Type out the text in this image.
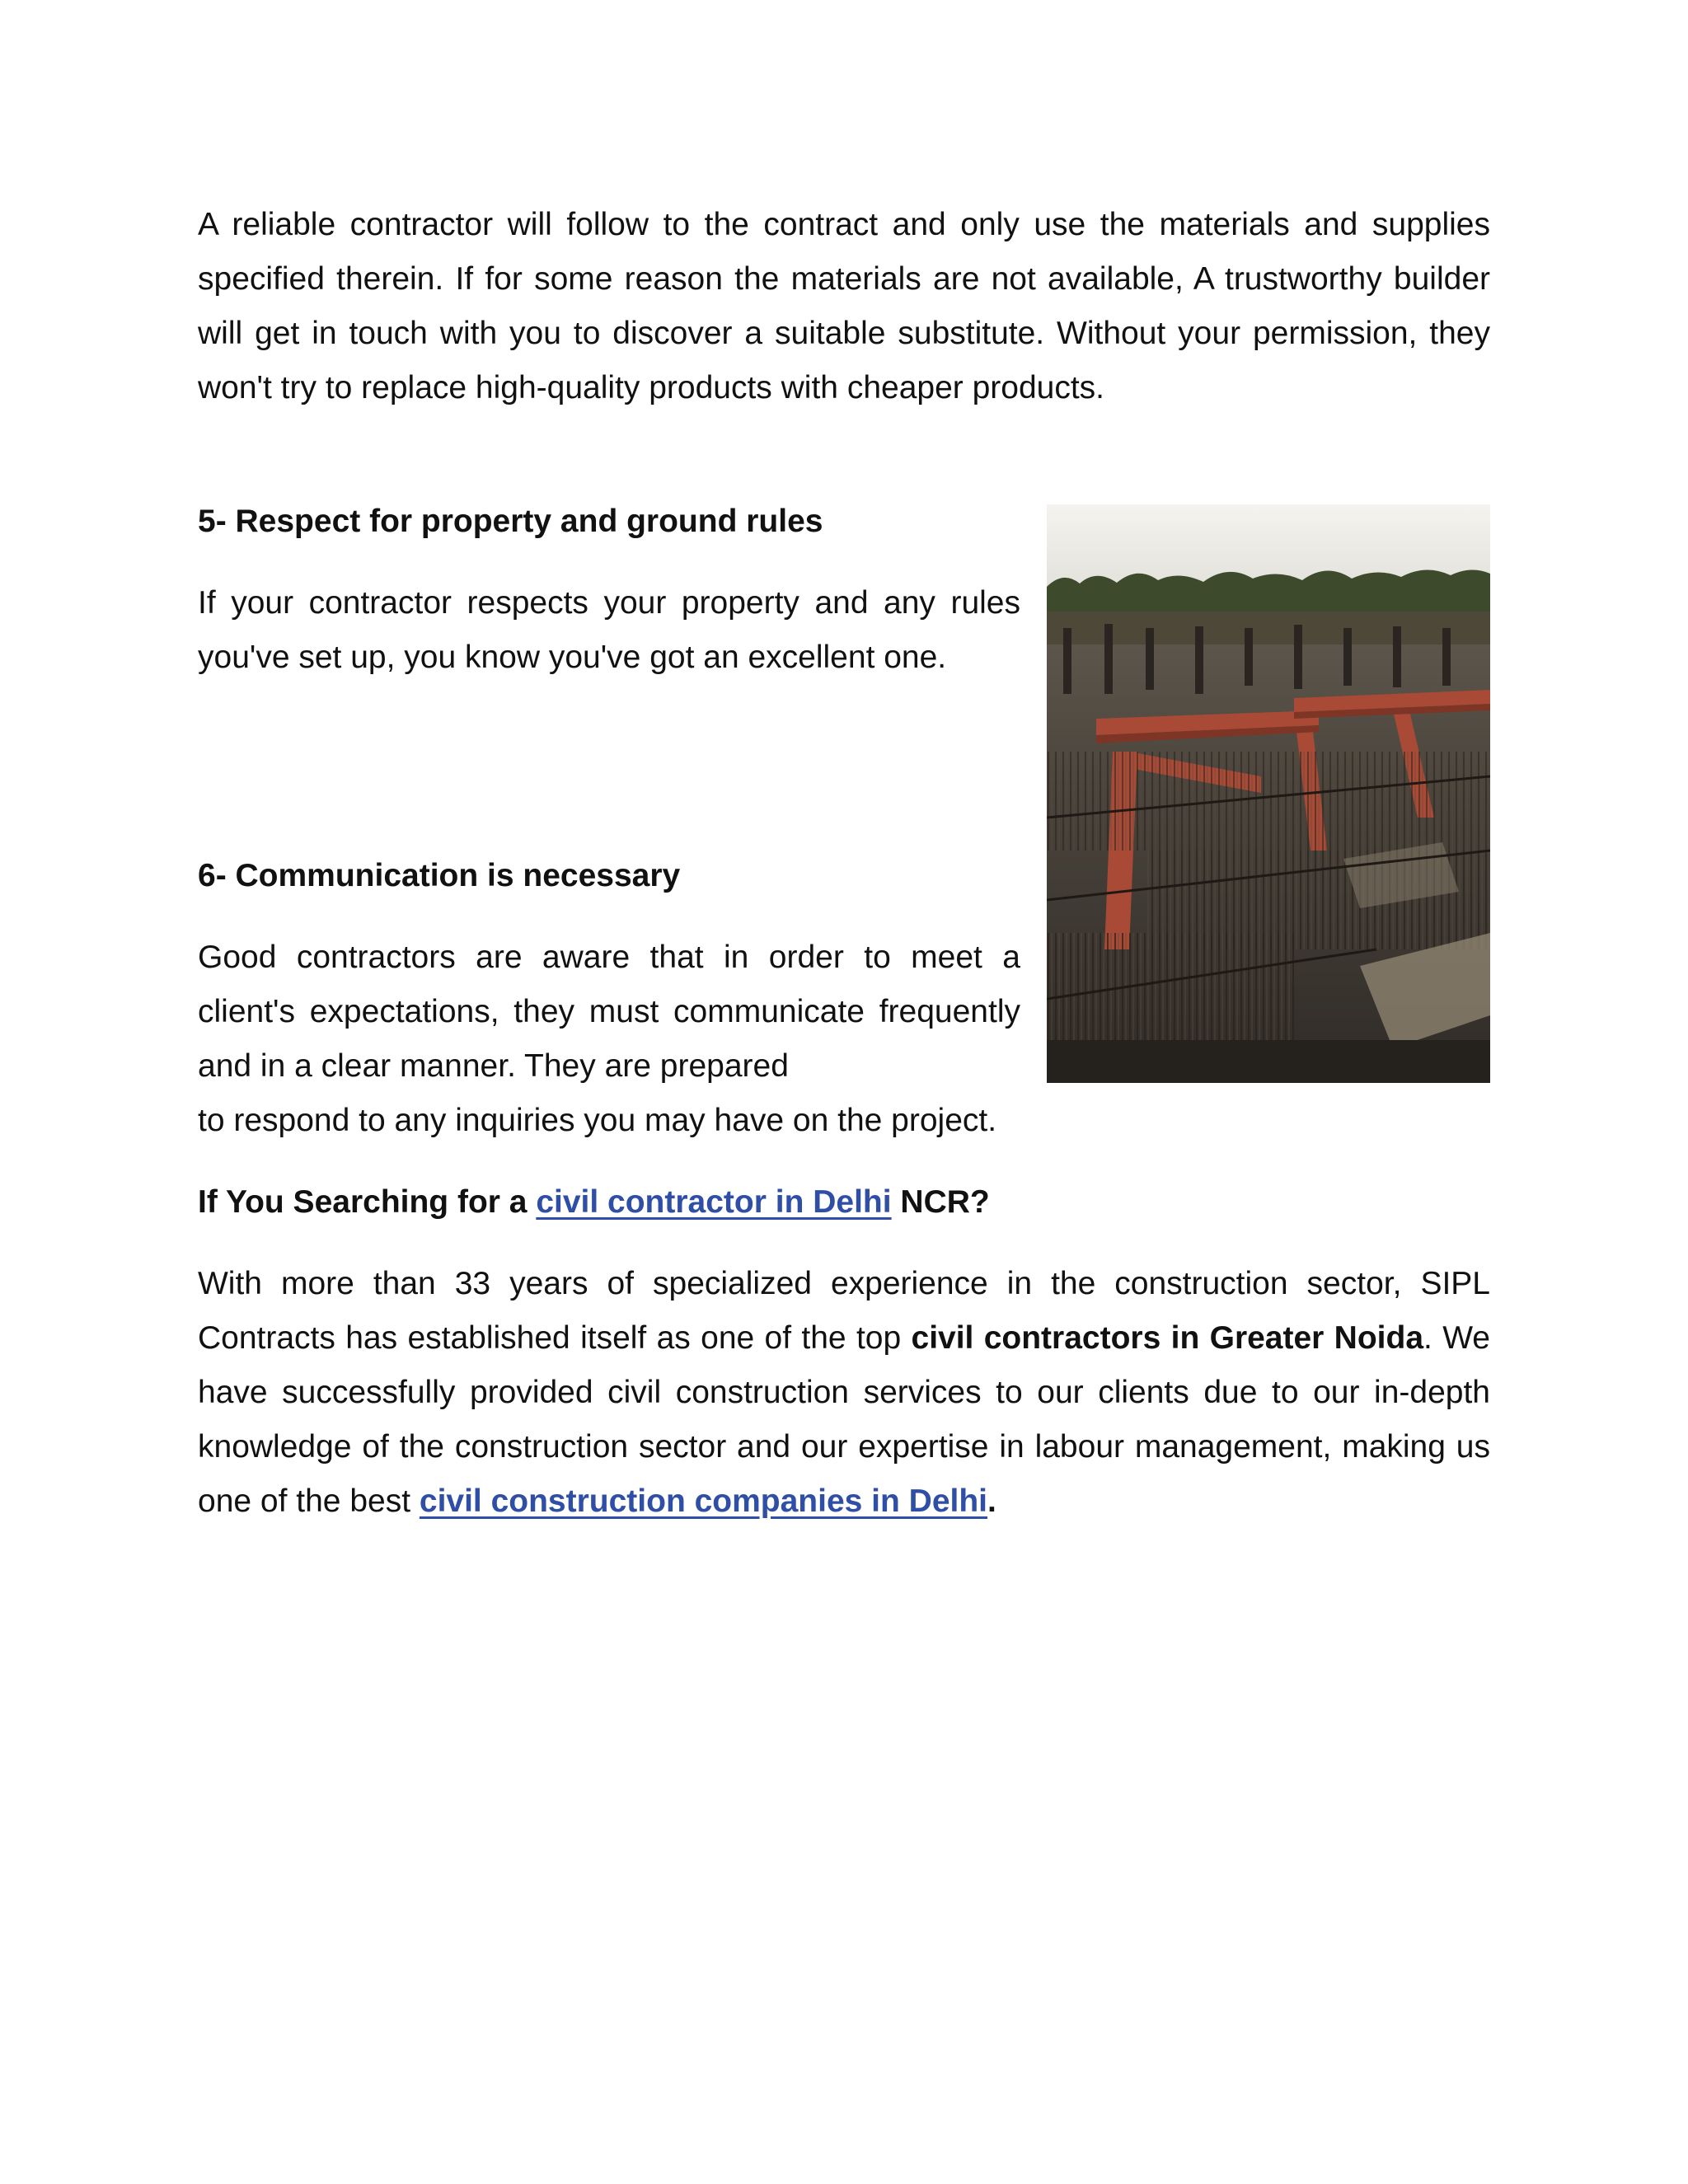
A reliable contractor will follow to the contract and only use the materials and supplies specified therein. If for some reason the materials are not available, A trustworthy builder will get in touch with you to discover a suitable substitute. Without your permission, they won't try to replace high-quality products with cheaper products.

5- Respect for property and ground rules

If your contractor respects your property and any rules you've set up, you know you've got an excellent one.

6- Communication is necessary

Good contractors are aware that in order to meet a client's expectations, they must communicate frequently and in a clear manner. They are prepared

to respond to any inquiries you may have on the project.

If You Searching for a civil contractor in Delhi NCR?

With more than 33 years of specialized experience in the construction sector, SIPL Contracts has established itself as one of the top civil contractors in Greater Noida. We have successfully provided civil construction services to our clients due to our in-depth knowledge of the construction sector and our expertise in labour management, making us one of the best civil construction companies in Delhi.
